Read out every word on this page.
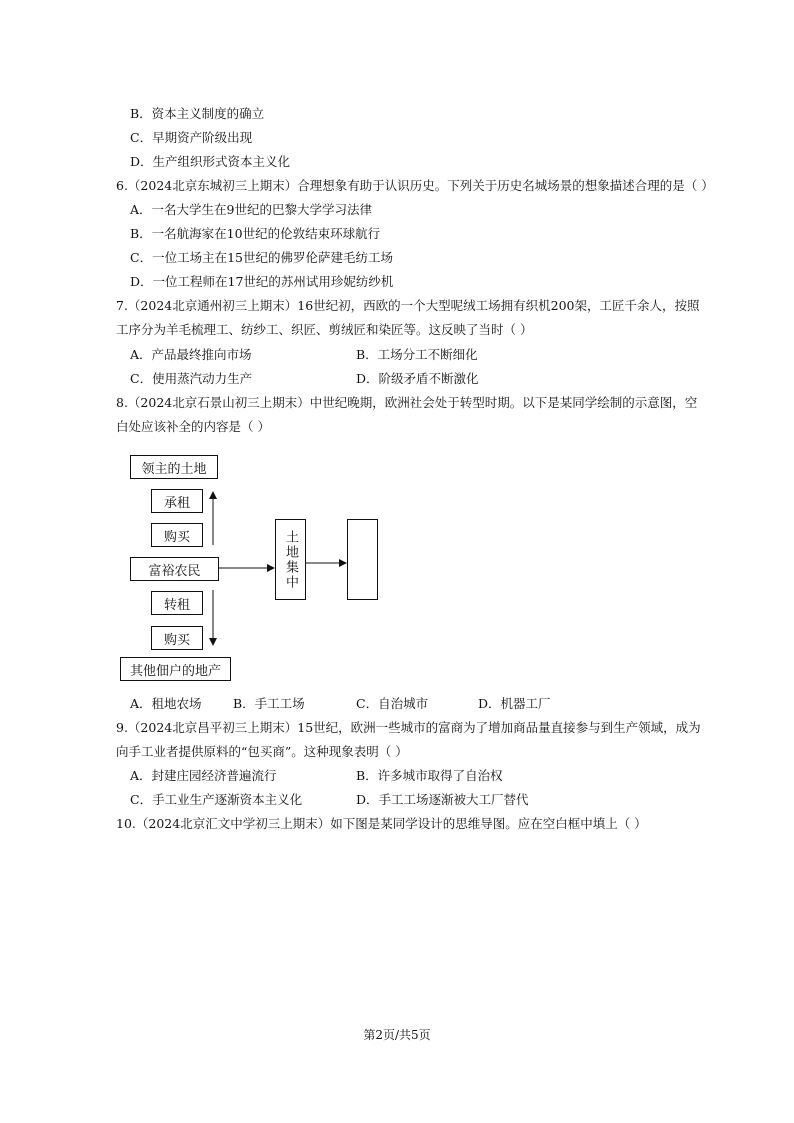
B．资本主义制度的确立
C．早期资产阶级出现
D．生产组织形式资本主义化
6.（2024北京东城初三上期末）合理想象有助于认识历史。下列关于历史名城场景的想象描述合理的是（ ）
A．一名大学生在9世纪的巴黎大学学习法律
B．一名航海家在10世纪的伦敦结束环球航行
C．一位工场主在15世纪的佛罗伦萨建毛纺工场
D．一位工程师在17世纪的苏州试用珍妮纺纱机
7.（2024北京通州初三上期末）16世纪初，西欧的一个大型呢绒工场拥有织机200架，工匠千余人，按照
工序分为羊毛梳理工、纺纱工、织匠、剪绒匠和染匠等。这反映了当时（ ）
A．产品最终推向市场	B．工场分工不断细化
C．使用蒸汽动力生产	D．阶级矛盾不断激化
8.（2024北京石景山初三上期末）中世纪晚期，欧洲社会处于转型时期。以下是某同学绘制的示意图，空
白处应该补全的内容是（ ）
领主的土地
承租
购买
富裕农民
转租
购买
其他佃户的地产
土地集中
A．租地农场	B．手工工场	C．自治城市	D．机器工厂
9.（2024北京昌平初三上期末）15世纪，欧洲一些城市的富商为了增加商品量直接参与到生产领域，成为
向手工业者提供原料的“包买商”。这种现象表明（ ）
A．封建庄园经济普遍流行	B．许多城市取得了自治权
C．手工业生产逐渐资本主义化	D．手工工场逐渐被大工厂替代
10.（2024北京汇文中学初三上期末）如下图是某同学设计的思维导图。应在空白框中填上（ ）
第2页/共5页
